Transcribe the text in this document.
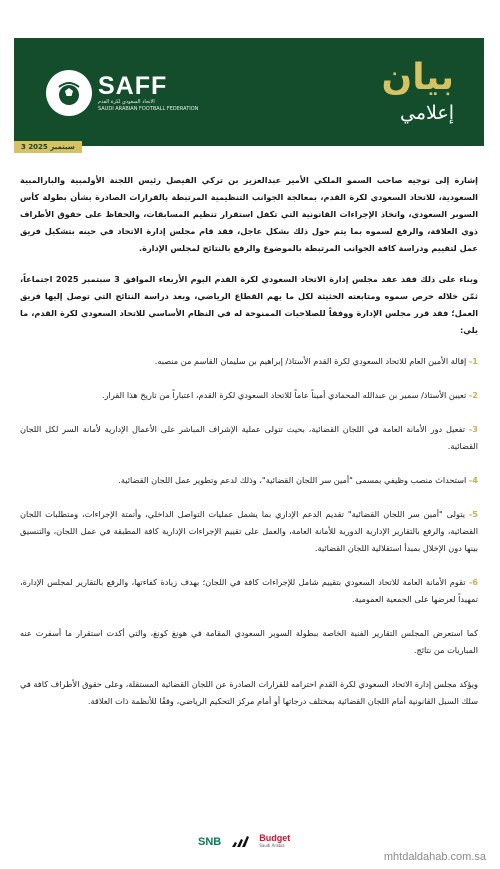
SAFF
الاتحاد السعودي لكرة القدم
SAUDI ARABIAN FOOTBALL FEDERATION
بيان
إعلامي
3 سبتمبر 2025

إشارة إلى توجيه صاحب السمو الملكي الأمير عبدالعزيز بن تركي الفيصل رئيس اللجنة الأولمبية والبارالمبية السعودية، للاتحاد السعودي لكرة القدم، بمعالجة الجوانب التنظيمية المرتبطة بالقرارات الصادرة بشأن بطولة كأس السوبر السعودي، واتخاذ الإجراءات القانونية التي تكفل استقرار تنظيم المسابقات، والحفاظ على حقوق الأطراف ذوي العلاقة، والرفع لسموه بما يتم حول ذلك بشكل عاجل، فقد قام مجلس إدارة الاتحاد في حينه بتشكيل فريق عمل لتقييم ودراسة كافة الجوانب المرتبطة بالموضوع والرفع بالنتائج لمجلس الإدارة.

وبناء على ذلك فقد عقد مجلس إدارة الاتحاد السعودي لكرة القدم اليوم الأربعاء الموافق 3 سبتمبر 2025 اجتماعاً، ثمّن خلاله حرص سموه ومتابعته الحثيثة لكل ما يهم القطاع الرياضي، وبعد دراسة النتائج التي توصل إليها فريق العمل؛ فقد قرر مجلس الإدارة ووفقاً للصلاحيات الممنوحة له في النظام الأساسي للاتحاد السعودي لكرة القدم، ما يلي:

1- إقالة الأمين العام للاتحاد السعودي لكرة القدم الأستاذ/ إبراهيم بن سليمان القاسم من منصبه.

2- تعيين الأستاذ/ سمير بن عبدالله المحمادي أميناً عاماً للاتحاد السعودي لكرة القدم، اعتباراً من تاريخ هذا القرار.

3- تفعيل دور الأمانة العامة في اللجان القضائية، بحيث تتولى عملية الإشراف المباشر على الأعمال الإدارية لأمانة السر لكل اللجان القضائية.

4- استحداث منصب وظيفي بمسمى "أمين سر اللجان القضائية"، وذلك لدعم وتطوير عمل اللجان القضائية.

5- يتولى "أمين سر اللجان القضائية" تقديم الدعم الإداري بما يشمل عمليات التواصل الداخلي، وأتمتة الإجراءات، ومتطلبات اللجان القضائية، والرفع بالتقارير الإدارية الدورية للأمانة العامة، والعمل على تقييم الإجراءات الإدارية كافة المطبقة في عمل اللجان، والتنسيق بينها دون الإخلال بمبدأ استقلالية اللجان القضائية.

6- تقوم الأمانة العامة للاتحاد السعودي بتقييم شامل للإجراءات كافة في اللجان؛ بهدف زيادة كفاءتها، والرفع بالتقارير لمجلس الإدارة، تمهيداً لعرضها على الجمعية العمومية.

كما استعرض المجلس التقارير الفنية الخاصة ببطولة السوبر السعودي المقامة في هونغ كونغ، والتي أكدت استقرار ما أسفرت عنه المباريات من نتائج.

ويؤكد مجلس إدارة الاتحاد السعودي لكرة القدم احترامه للقرارات الصادرة عن اللجان القضائية المستقلة، وعلى حقوق الأطراف كافة في سلك السبل القانونية أمام اللجان القضائية بمختلف درجاتها أو أمام مركز التحكيم الرياضي، وفقًا للأنظمة ذات العلاقة.

SNB	Budget
Saudi Arabia
mhtdaldahab.com.sa
